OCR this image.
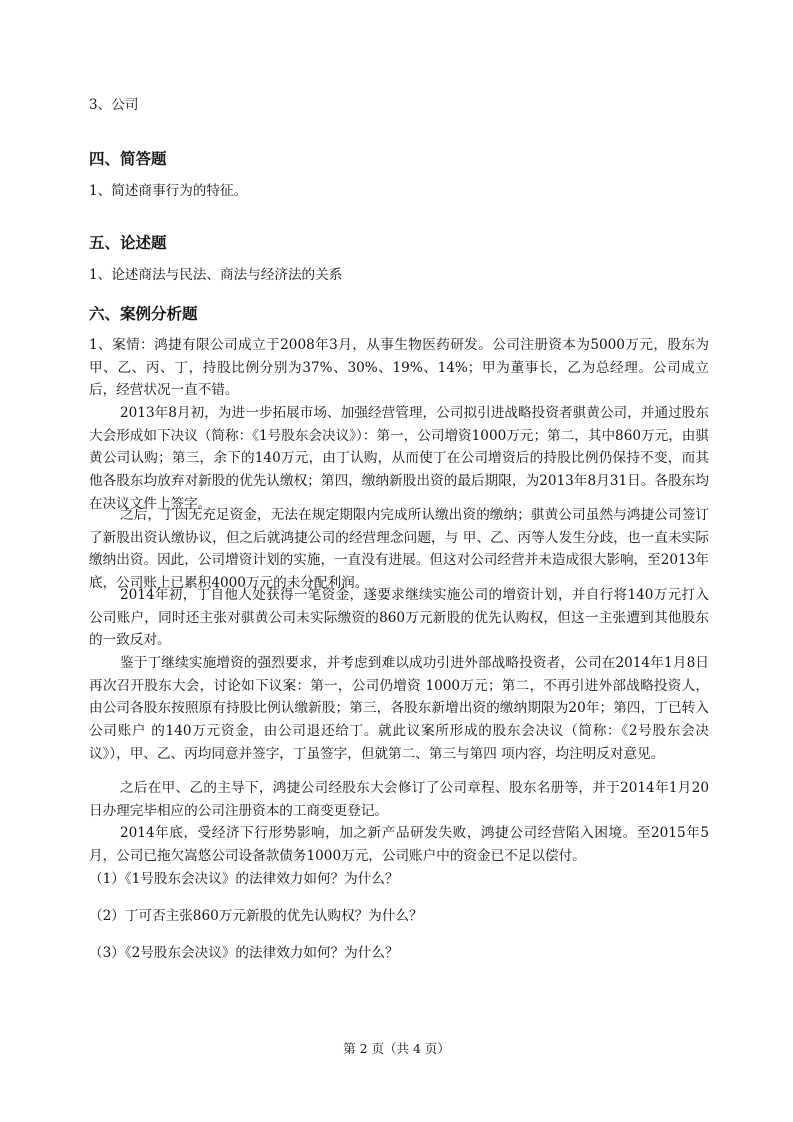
3、公司
四、简答题
1、简述商事行为的特征。
五、论述题
1、论述商法与民法、商法与经济法的关系
六、案例分析题
1、案情：鸿捷有限公司成立于2008年3月，从事生物医药研发。公司注册资本为5000万元，股东为甲、乙、丙、丁，持股比例分别为37%、30%、19%、14%；甲为董事长，乙为总经理。公司成立后，经营状况一直不错。
2013年8月初，为进一步拓展市场、加强经营管理，公司拟引进战略投资者骐黄公司，并通过股东大会形成如下决议（简称：《1号股东会决议》）：第一，公司增资1000万元；第二，其中860万元，由骐黄公司认购；第三，余下的140万元，由丁认购，从而使丁在公司增资后的持股比例仍保持不变，而其 他各股东均放弃对新股的优先认缴权；第四，缴纳新股出资的最后期限，为2013年8月31日。各股东均在决议文件上签字。
之后，丁因无充足资金，无法在规定期限内完成所认缴出资的缴纳；骐黄公司虽然与鸿捷公司签订了新股出资认缴协议，但之后就鸿捷公司的经营理念问题，与 甲、乙、丙等人发生分歧，也一直未实际缴纳出资。因此，公司增资计划的实施，一直没有进展。但这对公司经营并未造成很大影响，至2013年底，公司账上已累积4000万元的未分配利润。
2014年初，丁自他人处获得一笔资金，遂要求继续实施公司的增资计划，并自行将140万元打入公司账户，同时还主张对骐黄公司未实际缴资的860万元新股的优先认购权，但这一主张遭到其他股东的一致反对。
鉴于丁继续实施增资的强烈要求，并考虑到难以成功引进外部战略投资者，公司在2014年1月8日再次召开股东大会，讨论如下议案：第一，公司仍增资 1000万元；第二，不再引进外部战略投资人，由公司各股东按照原有持股比例认缴新股；第三，各股东新增出资的缴纳期限为20年；第四，丁已转入公司账户 的140万元资金，由公司退还给丁。就此议案所形成的股东会决议（简称：《2号股东会决议》），甲、乙、丙均同意并签字，丁虽签字，但就第二、第三与第四 项内容，均注明反对意见。
之后在甲、乙的主导下，鸿捷公司经股东大会修订了公司章程、股东名册等，并于2014年1月20日办理完毕相应的公司注册资本的工商变更登记。
2014年底，受经济下行形势影响，加之新产品研发失败，鸿捷公司经营陷入困境。至2015年5月，公司已拖欠嵩悠公司设备款债务1000万元，公司账户中的资金已不足以偿付。
（1）《1号股东会决议》的法律效力如何？为什么？
（2）丁可否主张860万元新股的优先认购权？为什么？
（3）《2号股东会决议》的法律效力如何？为什么？
第 2 页（共 4 页）
